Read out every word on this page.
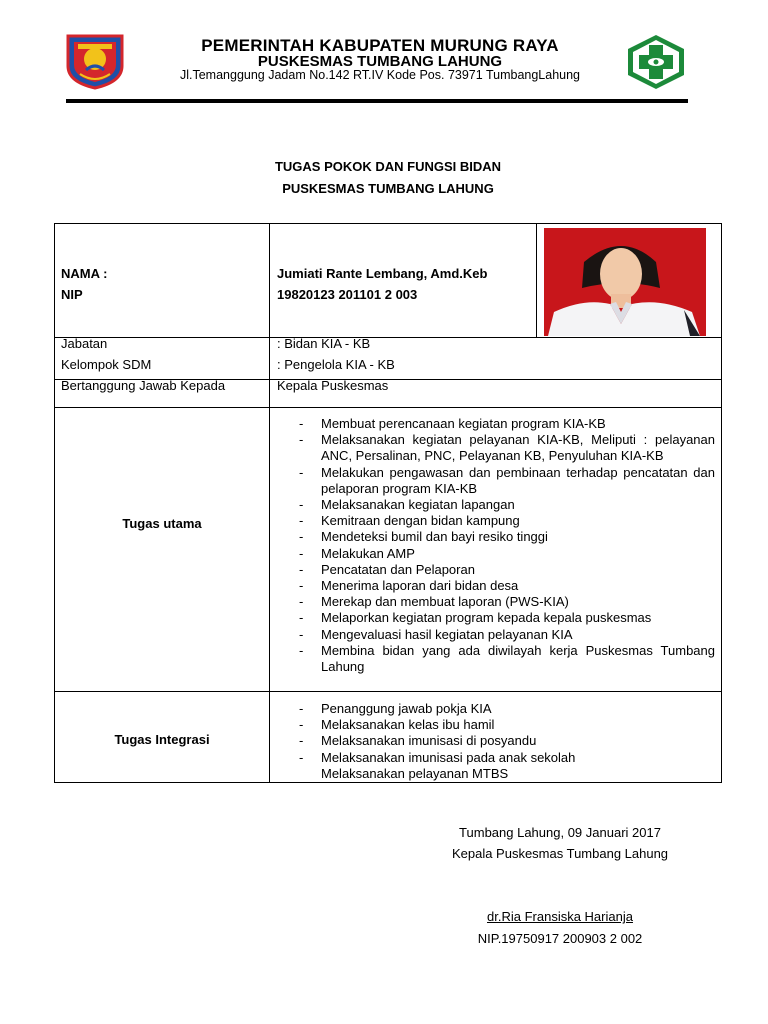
PEMERINTAH KABUPATEN MURUNG RAYA
PUSKESMAS TUMBANG LAHUNG
Jl.Temanggung Jadam No.142 RT.IV Kode Pos. 73971 TumbangLahung
TUGAS POKOK DAN FUNGSI BIDAN
PUSKESMAS TUMBANG LAHUNG
NAMA :
NIP
Jumiati Rante Lembang, Amd.Keb
19820123 201101 2 003
Jabatan
Kelompok SDM
: Bidan KIA - KB
: Pengelola KIA - KB
Bertanggung Jawab Kepada	Kepala Puskesmas
Tugas utama
- Membuat perencanaan kegiatan program KIA-KB
- Melaksanakan kegiatan pelayanan KIA-KB, Meliputi : pelayanan ANC, Persalinan, PNC, Pelayanan KB, Penyuluhan KIA-KB
- Melakukan pengawasan dan pembinaan terhadap pencatatan dan pelaporan program KIA-KB
- Melaksanakan kegiatan lapangan
- Kemitraan dengan bidan kampung
- Mendeteksi bumil dan bayi resiko tinggi
- Melakukan AMP
- Pencatatan dan Pelaporan
- Menerima laporan dari bidan desa
- Merekap dan membuat laporan (PWS-KIA)
- Melaporkan kegiatan program kepada kepala puskesmas
- Mengevaluasi hasil kegiatan pelayanan KIA
- Membina bidan yang ada diwilayah kerja Puskesmas Tumbang Lahung
Tugas Integrasi
- Penanggung jawab pokja KIA
- Melaksanakan kelas ibu hamil
- Melaksanakan imunisasi di posyandu
- Melaksanakan imunisasi pada anak sekolah
Melaksanakan pelayanan MTBS
Tumbang Lahung, 09 Januari 2017
Kepala Puskesmas Tumbang Lahung
dr.Ria Fransiska Harianja
NIP.19750917 200903 2 002
